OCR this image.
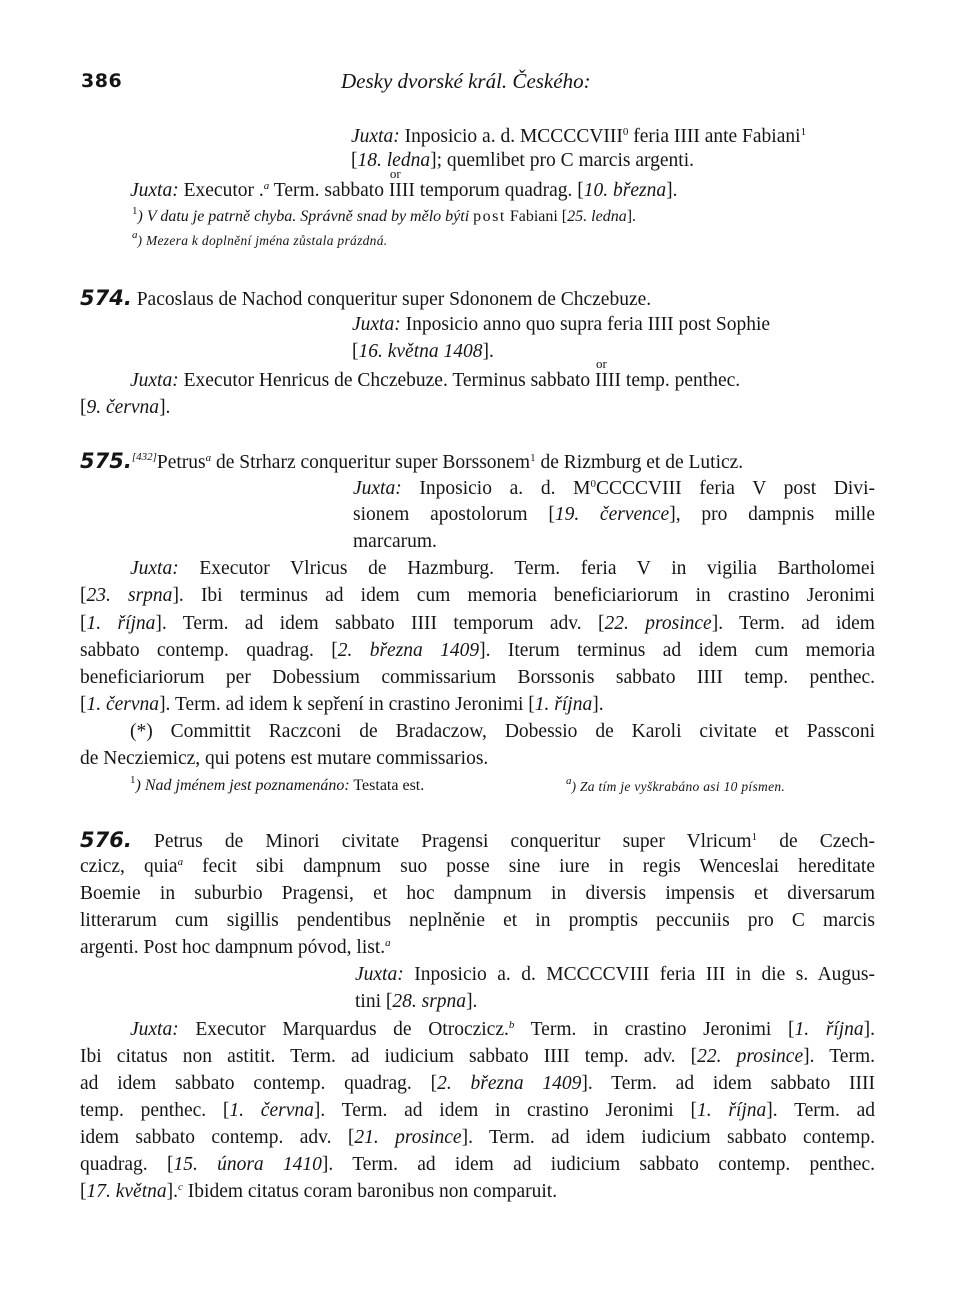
386	Desky dvorské král. Českého:
Juxta: Inposicio a. d. MCCCCVIII$^0$ feria IIII ante Fabiani$^1$
[18. ledna]; quemlibet pro C marcis argenti.
Juxta: Executor .$^a$ Term. sabbato or IIII temporum quadrag. [10. března].
$^1$) V datu je patrně chyba. Správně snad by mělo býti post Fabiani [25. ledna].
$^a$) Mezera k doplnění jména zůstala prázdná.
574. Pacoslaus de Nachod conqueritur super Sdononem de Chczebuze.
Juxta: Inposicio anno quo supra feria IIII post Sophie
[16. května 1408].
Juxta: Executor Henricus de Chczebuze. Terminus sabbato or IIII temp. penthec.
[9. června].
575.[432]Petrus$^a$ de Strharz conqueritur super Borssonem$^1$ de Rizmburg et de Luticz.
Juxta: Inposicio a. d. $M^0CCCCVIII$ feria V post Divi-
sionem apostolorum [19. července], pro dampnis mille
marcarum.
Juxta: Executor Vlricus de Hazmburg. Term. feria V in vigilia Bartholomei
[23. srpna]. Ibi terminus ad idem cum memoria beneficiariorum in crastino Jeronimi
[1. října]. Term. ad idem sabbato or IIII temporum adv. [22. prosince]. Term. ad idem
sabbato contemp. quadrag. [2. března 1409]. Iterum terminus ad idem cum memoria
beneficiariorum per Dobessium commissarium Borssonis sabbato or IIII temp. penthec.
[1. června]. Term. ad idem k sepření in crastino Jeronimi [1. října].
(*) Committit Raczconi de Bradaczow, Dobessio de Karoli civitate et Passconi
de Necziemicz, qui potens est mutare commissarios.
$^1$) Nad jménem jest poznamenáno: Testata est.	$^a$) Za tím je vyškrabáno asi 10 písmen.
576. Petrus de Minori civitate Pragensi conqueritur super Vlricum$^1$ de Czech-
czicz, quia$^a$ fecit sibi dampnum suo posse sine iure in regis Wenceslai hereditate
Boemie in suburbio Pragensi, et hoc dampnum in diversis impensis et diversarum
litterarum cum sigillis pendentibus neplněnie et in promptis peccuniis pro C marcis
argenti. Post hoc dampnum póvod, list.$^a$
Juxta: Inposicio a. d. MCCCCVIII feria III in die s. Augus-
tini [28. srpna].
Juxta: Executor Marquardus de Otroczicz.$^b$ Term. in crastino Jeronimi [1. října].
Ibi citatus non astitit. Term. ad iudicium sabbato or IIII temp. adv. [22. prosince]. Term.
ad idem sabbato contemp. quadrag. [2. března 1409]. Term. ad idem sabbato or IIII
temp. penthec. [1. června]. Term. ad idem in crastino Jeronimi [1. října]. Term. ad
idem sabbato contemp. adv. [21. prosince]. Term. ad idem iudicium sabbato contemp.
quadrag. [15. února 1410]. Term. ad idem ad iudicium sabbato contemp. penthec.
[17. května].$^c$ Ibidem citatus coram baronibus non comparuit.
